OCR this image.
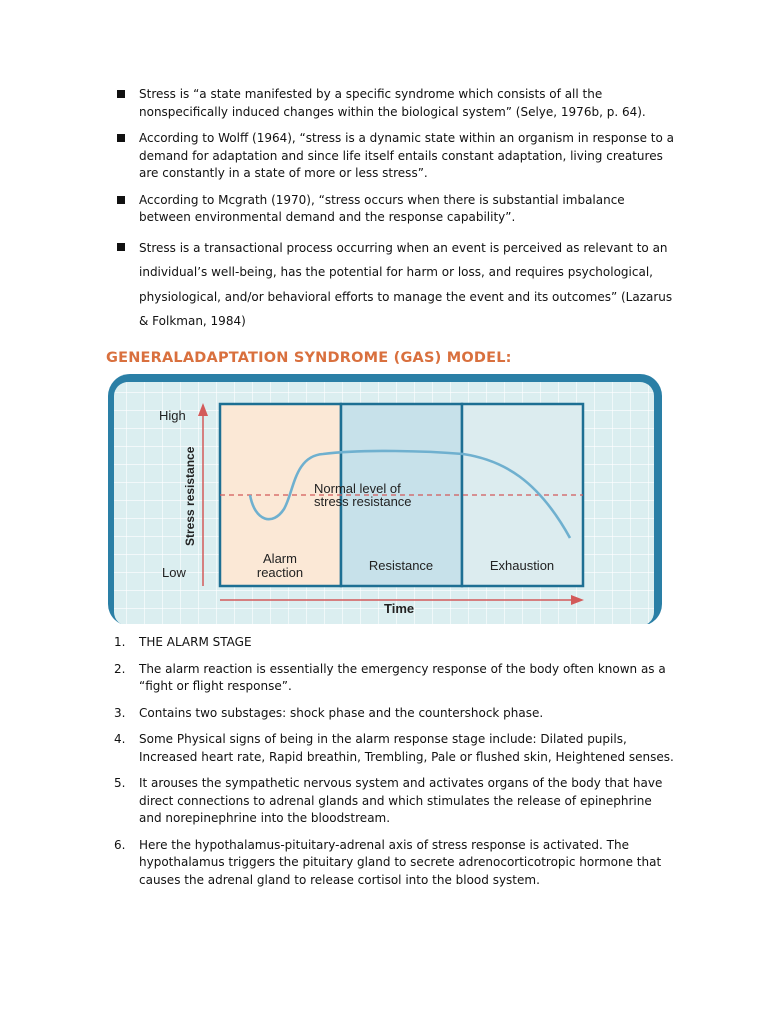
Stress is “a state manifested by a specific syndrome which consists of all the nonspecifically induced changes within the biological system” (Selye, 1976b, p. 64).
According to Wolff (1964), “stress is a dynamic state within an organism in response to a demand for adaptation and since life itself entails constant adaptation, living creatures are constantly in a state of more or less stress”.
According to Mcgrath (1970), “stress occurs when there is substantial imbalance between environmental demand and the response capability”.
Stress is a transactional process occurring when an event is perceived as relevant to an individual’s well-being, has the potential for harm or loss, and requires psychological, physiological, and/or behavioral efforts to manage the event and its outcomes” (Lazarus & Folkman, 1984)
GENERALADAPTATION SYNDROME (GAS) MODEL:
High
Low
Stress resistance
Time
Normal level of
stress resistance
Alarm
reaction	Resistance	Exhaustion
1. THE ALARM STAGE
2. The alarm reaction is essentially the emergency response of the body often known as a “fight or flight response”.
3. Contains two substages: shock phase and the countershock phase.
4. Some Physical signs of being in the alarm response stage include: Dilated pupils, Increased heart rate, Rapid breathin, Trembling, Pale or flushed skin, Heightened senses.
5. It arouses the sympathetic nervous system and activates organs of the body that have direct connections to adrenal glands and which stimulates the release of epinephrine and norepinephrine into the bloodstream.
6. Here the hypothalamus-pituitary-adrenal axis of stress response is activated. The hypothalamus triggers the pituitary gland to secrete adrenocorticotropic hormone that causes the adrenal gland to release cortisol into the blood system.
